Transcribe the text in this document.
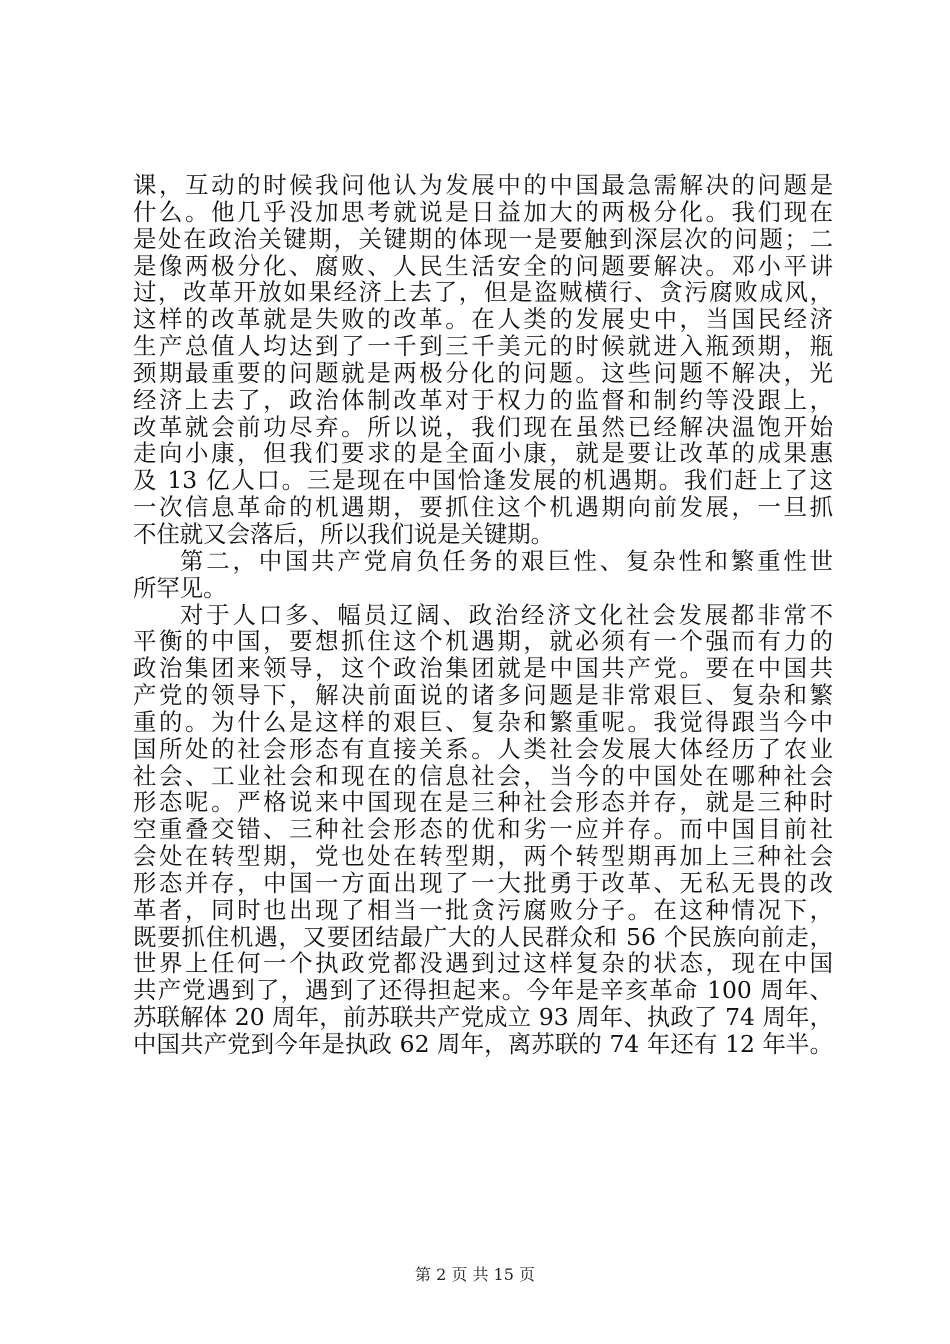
课，互动的时候我问他认为发展中的中国最急需解决的问题是
什么。他几乎没加思考就说是日益加大的两极分化。我们现在
是处在政治关键期，关键期的体现一是要触到深层次的问题；二
是像两极分化、腐败、人民生活安全的问题要解决。邓小平讲
过，改革开放如果经济上去了，但是盗贼横行、贪污腐败成风，
这样的改革就是失败的改革。在人类的发展史中，当国民经济
生产总值人均达到了一千到三千美元的时候就进入瓶颈期，瓶
颈期最重要的问题就是两极分化的问题。这些问题不解决，光
经济上去了，政治体制改革对于权力的监督和制约等没跟上，
改革就会前功尽弃。所以说，我们现在虽然已经解决温饱开始
走向小康，但我们要求的是全面小康，就是要让改革的成果惠
及 13 亿人口。三是现在中国恰逢发展的机遇期。我们赶上了这
一次信息革命的机遇期，要抓住这个机遇期向前发展，一旦抓
不住就又会落后，所以我们说是关键期。
第二，中国共产党肩负任务的艰巨性、复杂性和繁重性世
所罕见。
对于人口多、幅员辽阔、政治经济文化社会发展都非常不
平衡的中国，要想抓住这个机遇期，就必须有一个强而有力的
政治集团来领导，这个政治集团就是中国共产党。要在中国共
产党的领导下，解决前面说的诸多问题是非常艰巨、复杂和繁
重的。为什么是这样的艰巨、复杂和繁重呢。我觉得跟当今中
国所处的社会形态有直接关系。人类社会发展大体经历了农业
社会、工业社会和现在的信息社会，当今的中国处在哪种社会
形态呢。严格说来中国现在是三种社会形态并存，就是三种时
空重叠交错、三种社会形态的优和劣一应并存。而中国目前社
会处在转型期，党也处在转型期，两个转型期再加上三种社会
形态并存，中国一方面出现了一大批勇于改革、无私无畏的改
革者，同时也出现了相当一批贪污腐败分子。在这种情况下，
既要抓住机遇，又要团结最广大的人民群众和 56 个民族向前走，
世界上任何一个执政党都没遇到过这样复杂的状态，现在中国
共产党遇到了，遇到了还得担起来。今年是辛亥革命 100 周年、
苏联解体 20 周年，前苏联共产党成立 93 周年、执政了 74 周年，
中国共产党到今年是执政 62 周年，离苏联的 74 年还有 12 年半。
第 2 页 共 15 页
